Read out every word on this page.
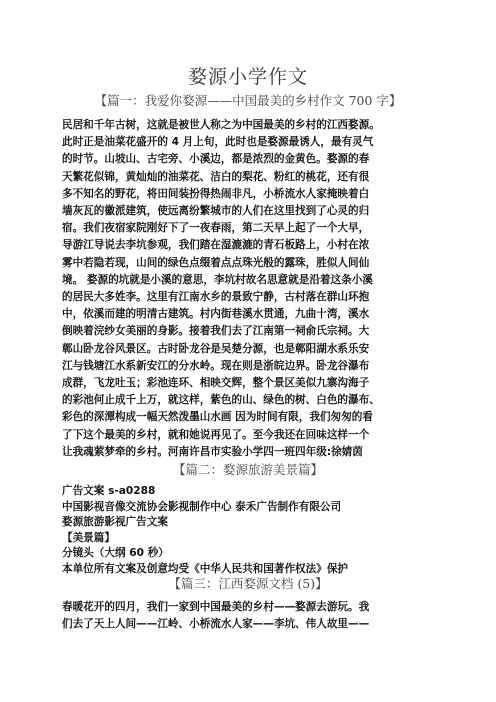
婺源小学作文
【篇一：我爱你婺源——中国最美的乡村作文 700 字】
民居和千年古树，这就是被世人称之为中国最美的乡村的江西婺源。
此时正是油菜花盛开的 4 月上旬，此时也是婺源最诱人，最有灵气
的时节。山坡山、古宅旁、小溪边，都是浓烈的金黄色。婺源的春
天繁花似锦，黄灿灿的油菜花、洁白的梨花、粉红的桃花，还有很
多不知名的野花，将田间装扮得热闹非凡，小桥流水人家掩映着白
墙灰瓦的徽派建筑，使远离纷繁城市的人们在这里找到了心灵的归
宿。我们夜宿家院刚好下了一夜春雨，第二天早上起了一个大早，
导游江导说去李坑参观，我们踏在湿漉漉的青石板路上，小村在浓
雾中若隐若现，山间的绿色点缀着点点珠光般的露珠，胜似人间仙
境。 婺源的坑就是小溪的意思，李坑村故名思意就是沿着这条小溪
的居民大多姓李。这里有江南水乡的景致宁静，古村落在群山环抱
中，依溪而建的明清古建筑。村内街巷溪水贯通，九曲十湾，溪水
倒映着浣纱女美丽的身影。接着我们去了江南第一祠俞氏宗祠。大
鄣山卧龙谷风景区。古时卧龙谷是吴楚分源，也是鄣阳湖水系乐安
江与钱塘江水系新安江的分水岭。现在则是浙皖边界。卧龙谷瀑布
成群，飞龙吐玉；彩池连环、相映交辉，整个景区美似九寨沟海子
的彩池何止成千上万，就这样，紫色的山、绿色的树、白色的瀑布、
彩色的深潭构成一幅天然泼墨山水画 因为时间有限，我们匆匆的看
了下这个最美的乡村，就和她说再见了。至今我还在回味这样一个
让我魂萦梦牵的乡村。河南许昌市实验小学四一班四年级:徐婧茵
【篇二：婺源旅游美景篇】
广告文案 s-a0288
中国影视音像交流协会影视制作中心 泰禾广告制作有限公司
婺源旅游影视广告文案
【美景篇】
分镜头（大纲 60 秒）
本单位所有文案及创意均受《中华人民共和国著作权法》保护
【篇三：江西婺源文档 (5)】
春暖花开的四月，我们一家到中国最美的乡村——婺源去游玩。我
们去了天上人间——江岭、小桥流水人家——李坑、伟人故里——
